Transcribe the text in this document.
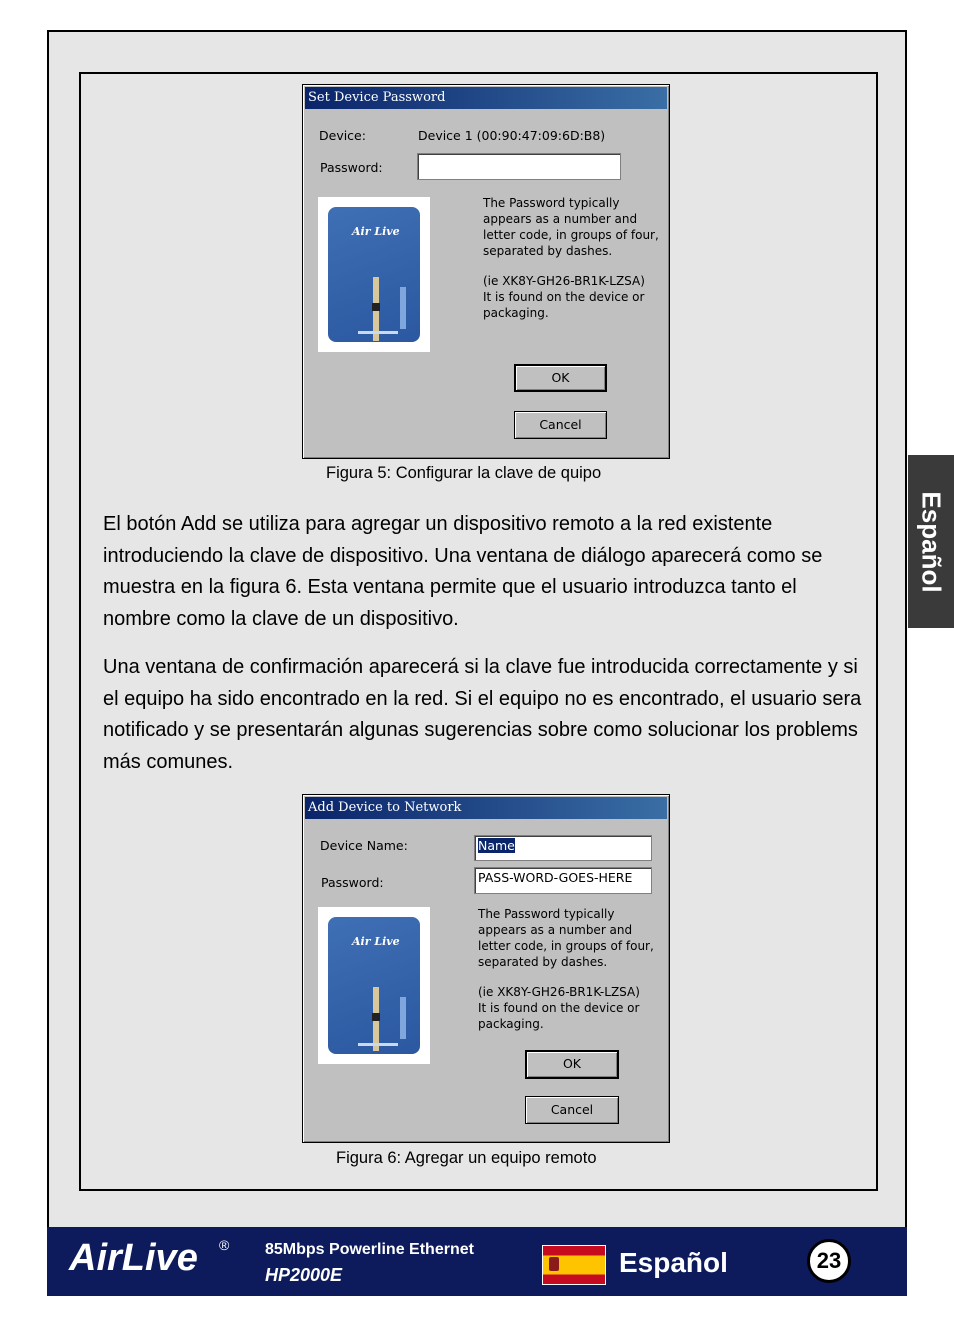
Español
Set Device Password
Device:	Device 1 (00:90:47:09:6D:B8)
Password:
Air Live

The Password typically
appears as a number and
letter code, in groups of four,
separated by dashes.

(ie XK8Y-GH26-BR1K-LZSA)
It is found on the device or
packaging.

OK
Cancel
Figura 5: Configurar la clave de quipo
El botón Add se utiliza para agregar un dispositivo remoto a la red existente introduciendo la clave de dispositivo. Una ventana de diálogo aparecerá como se muestra en la figura 6. Esta ventana permite que el usuario introduzca tanto el nombre como la clave de un dispositivo.
Una ventana de confirmación aparecerá si la clave fue introducida correctamente y si el equipo ha sido encontrado en la red. Si el equipo no es encontrado, el usuario sera notificado y se presentarán algunas sugerencias sobre como solucionar los problems más comunes.
Add Device to Network
Device Name:	Name
Password:	PASS-WORD-GOES-HERE
Air Live

The Password typically
appears as a number and
letter code, in groups of four,
separated by dashes.

(ie XK8Y-GH26-BR1K-LZSA)
It is found on the device or
packaging.

OK
Cancel
Figura 6: Agregar un equipo remoto
AirLive ® 85Mbps Powerline Ethernet
HP2000E	Español	23
